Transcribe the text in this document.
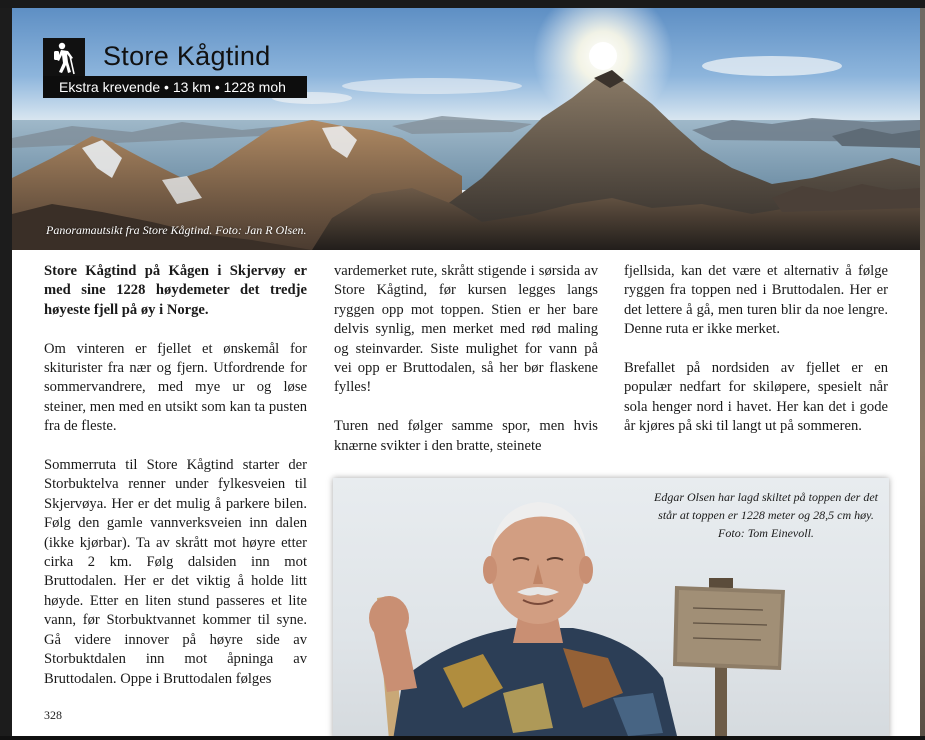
Store Kågtind
Ekstra krevende • 13 km • 1228 moh
Panoramautsikt fra Store Kågtind. Foto: Jan R Olsen.

Store Kågtind på Kågen i Skjervøy er med sine 1228 høydemeter det tredje høyeste fjell på øy i Norge.

Om vinteren er fjellet et ønskemål for skiturister fra nær og fjern. Utfordrende for sommervandrere, med mye ur og løse steiner, men med en utsikt som kan ta pusten fra de fleste.

Sommerruta til Store Kågtind starter der Storbuktelva renner under fylkesveien til Skjervøya. Her er det mulig å parkere bilen. Følg den gamle vannverksveien inn dalen (ikke kjørbar). Ta av skrått mot høyre etter cirka 2 km. Følg dalsiden inn mot Bruttodalen. Her er det viktig å holde litt høyde. Etter en liten stund passeres et lite vann, før Storbuktvannet kommer til syne. Gå videre innover på høyre side av Storbuktdalen inn mot åpninga av Bruttodalen. Oppe i Bruttodalen følges

vardemerket rute, skrått stigende i sørsida av Store Kågtind, før kursen legges langs ryggen opp mot toppen. Stien er her bare delvis synlig, men merket med rød maling og steinvarder. Siste mulighet for vann på vei opp er Bruttodalen, så her bør flaskene fylles!

Turen ned følger samme spor, men hvis knærne svikter i den bratte, steinete

fjellsida, kan det være et alternativ å følge ryggen fra toppen ned i Bruttodalen. Her er det lettere å gå, men turen blir da noe lengre. Denne ruta er ikke merket.

Brefallet på nordsiden av fjellet er en populær nedfart for skiløpere, spesielt når sola henger nord i havet. Her kan det i gode år kjøres på ski til langt ut på sommeren.

Edgar Olsen har lagd skiltet på toppen der det står at toppen er 1228 meter og 28,5 cm høy. Foto: Tom Einevoll.
328
